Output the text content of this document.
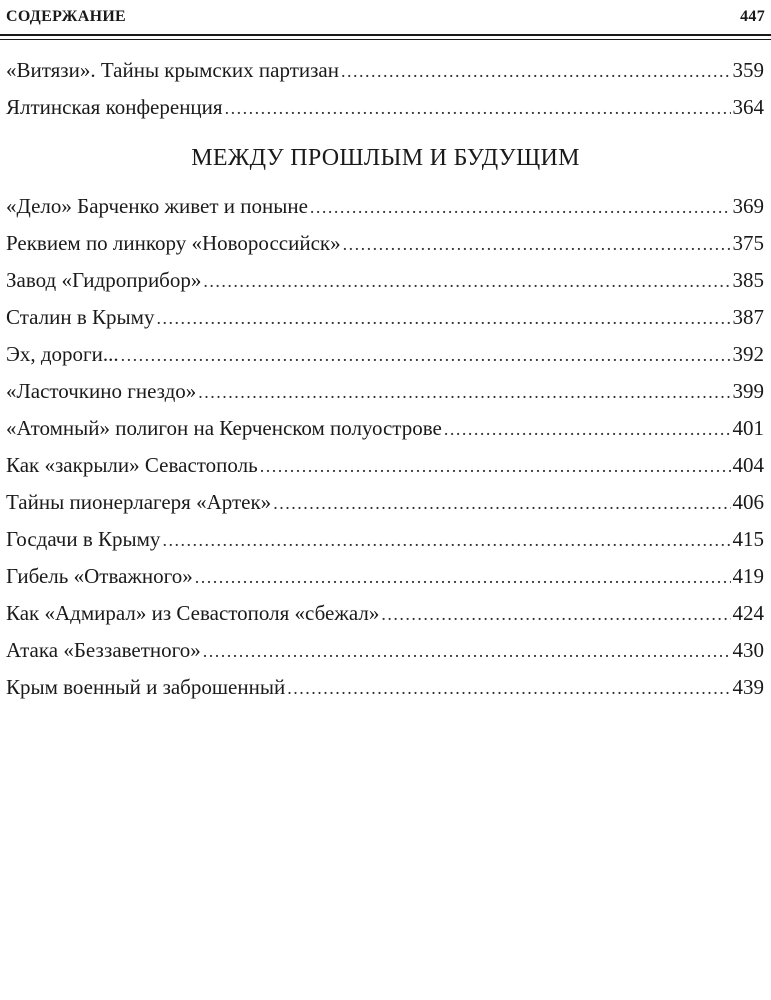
СОДЕРЖАНИЕ	447
«Витязи». Тайны крымских партизан .....	359
Ялтинская конференция .....	364
МЕЖДУ ПРОШЛЫМ И БУДУЩИМ
«Дело» Барченко живет и поныне .....	369
Реквием по линкору «Новороссийск» .....	375
Завод «Гидроприбор» .....	385
Сталин в Крыму .....	387
Эх, дороги... .....	392
«Ласточкино гнездо» .....	399
«Атомный» полигон на Керченском полуострове .....	401
Как «закрыли» Севастополь .....	404
Тайны пионерлагеря «Артек» .....	406
Госдачи в Крыму .....	415
Гибель «Отважного» .....	419
Как «Адмирал» из Севастополя «сбежал» .....	424
Атака «Беззаветного» .....	430
Крым военный и заброшенный .....	439
